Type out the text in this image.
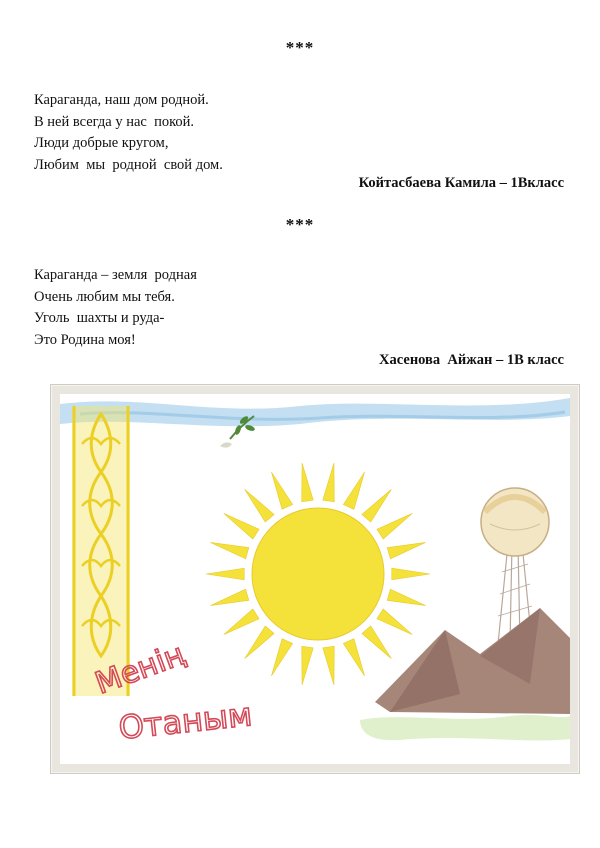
***
Караганда, наш дом родной.
В ней всегда у нас  покой.
Люди добрые кругом,
Любим  мы  родной  свой дом.
Койтасбаева Камила – 1Вкласс
***
Караганда – земля  родная
Очень любим мы тебя.
Уголь  шахты и руда-
Это Родина моя!
Хасенова  Айжан – 1В класс
Менің
Отаным
